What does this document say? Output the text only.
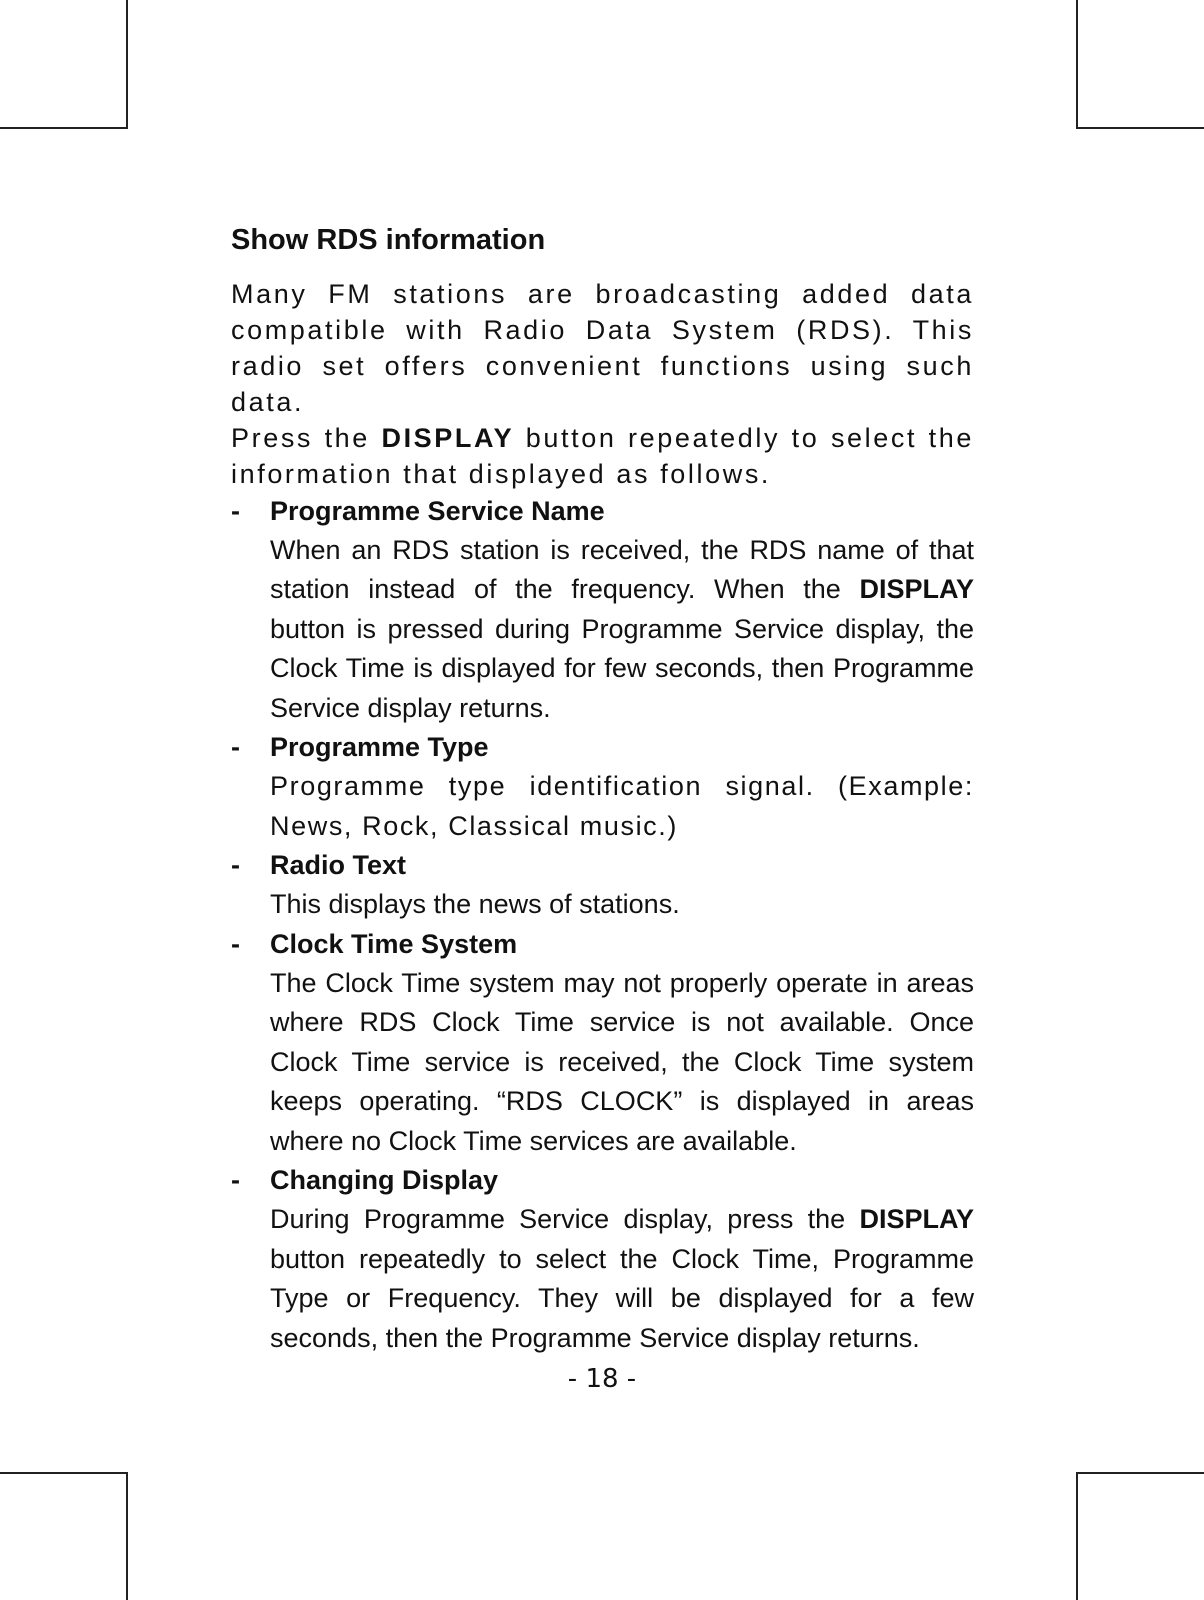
Show RDS information

Many FM stations are broadcasting added data compatible with Radio Data System (RDS). This radio set offers convenient functions using such data.

Press the DISPLAY button repeatedly to select the information that displayed as follows.

- Programme Service Name

When an RDS station is received, the RDS name of that station instead of the frequency. When the DISPLAY button is pressed during Programme Service display, the Clock Time is displayed for few seconds, then Programme Service display returns.

- Programme Type

Programme type identification signal. (Example: News, Rock, Classical music.)

- Radio Text

This displays the news of stations.

- Clock Time System

The Clock Time system may not properly operate in areas where RDS Clock Time service is not available. Once Clock Time service is received, the Clock Time system keeps operating. “RDS CLOCK” is displayed in areas where no Clock Time services are available.

- Changing Display

During Programme Service display, press the DISPLAY button repeatedly to select the Clock Time, Programme Type or Frequency. They will be displayed for a few seconds, then the Programme Service display returns.

- 18 -
